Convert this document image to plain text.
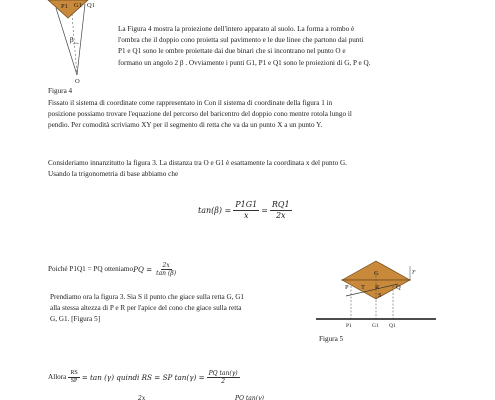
P1 G1 Q1
β
O
Figura 4
La Figura 4 mostra la proiezione dell'intero apparato al suolo. La forma a rombo è
l'ombra che il doppio cono proietta sul pavimento e le due linee che partono dai punti
P1 e Q1 sono le ombre proiettate dai due binari che si incontrano nel punto O e
formano un angolo 2 β . Ovviamente i punti G1, P1 e Q1 sono le proiezioni di G, P e Q.
Fissato il sistema di coordinate come rappresentato in Con il sistema di coordinate della figura 1 in
posizione possiamo trovare l'equazione del percorso del baricentro del doppio cono mentre rotola lungo il
pendio. Per comodità scriviamo XY per il segmento di retta che va da un punto X a un punto Y.
Consideriamo innanzitutto la figura 3. La distanza tra O e G1 è esattamente la coordinata x del punto G.
Usando la trigonometria di base abbiamo che
$\tan(\beta) = \frac{P1G1}{x} = \frac{RQ1}{2x}$
Poiché P1Q1 = PQ otteniamo PQ = $\frac{2x}{\tan (\beta)}$
Prendiamo ora la figura 3. Sia S il punto che giace sulla retta G, G1
alla stessa altezza di P e R per l'apice del cono che giace sulla retta
G, G1. [Figura 5]
G	r
P T R
S
Q
P1	G1 Q1
Figura 5
Allora $\frac{RS}{SP} = \tan (\gamma)$ quindi RS = SP $\tan(\gamma) = \frac{\text{PQ tan(γ)}}{2}$
2x	PQ tan(γ)
